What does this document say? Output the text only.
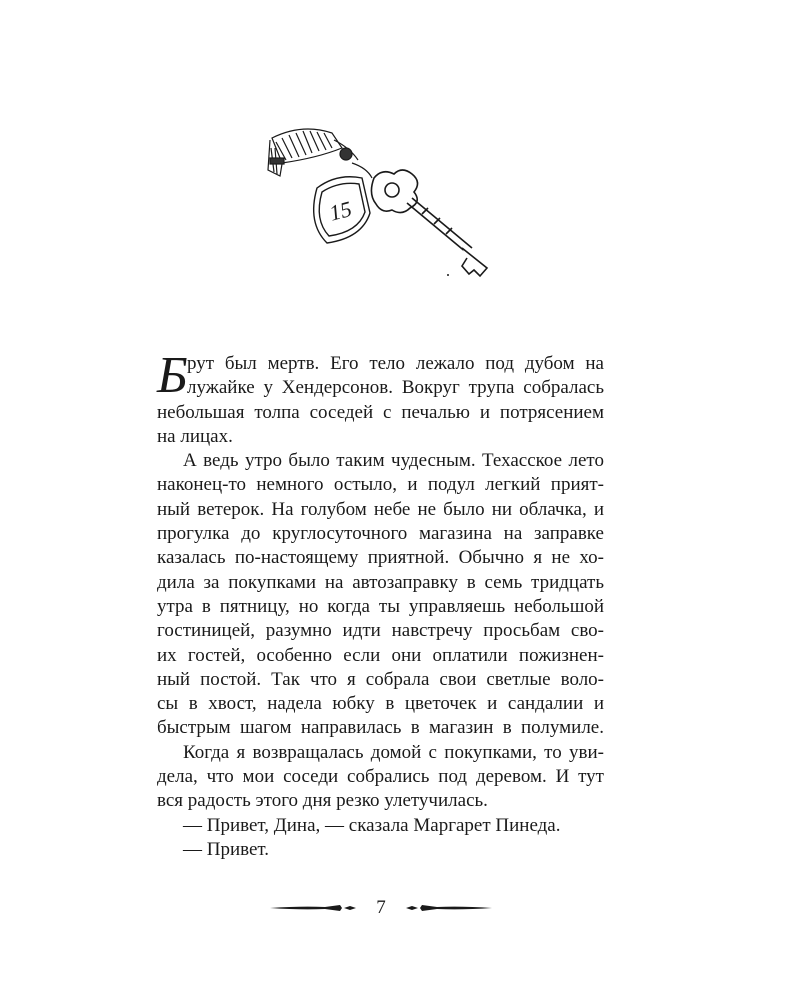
15
Б рут был мертв. Его тело лежало под дубом на
лужайке у Хендерсонов. Вокруг трупа собралась
небольшая толпа соседей с печалью и потрясением
на лицах.
А ведь утро было таким чудесным. Техасское лето
наконец-то немного остыло, и подул легкий прият-
ный ветерок. На голубом небе не было ни облачка, и
прогулка до круглосуточного магазина на заправке
казалась по-настоящему приятной. Обычно я не хо-
дила за покупками на автозаправку в семь тридцать
утра в пятницу, но когда ты управляешь небольшой
гостиницей, разумно идти навстречу просьбам сво-
их гостей, особенно если они оплатили пожизнен-
ный постой. Так что я собрала свои светлые воло-
сы в хвост, надела юбку в цветочек и сандалии и
быстрым шагом направилась в магазин в полумиле.
Когда я возвращалась домой с покупками, то уви-
дела, что мои соседи собрались под деревом. И тут
вся радость этого дня резко улетучилась.
— Привет, Дина, — сказала Маргарет Пинеда.
— Привет.
7
